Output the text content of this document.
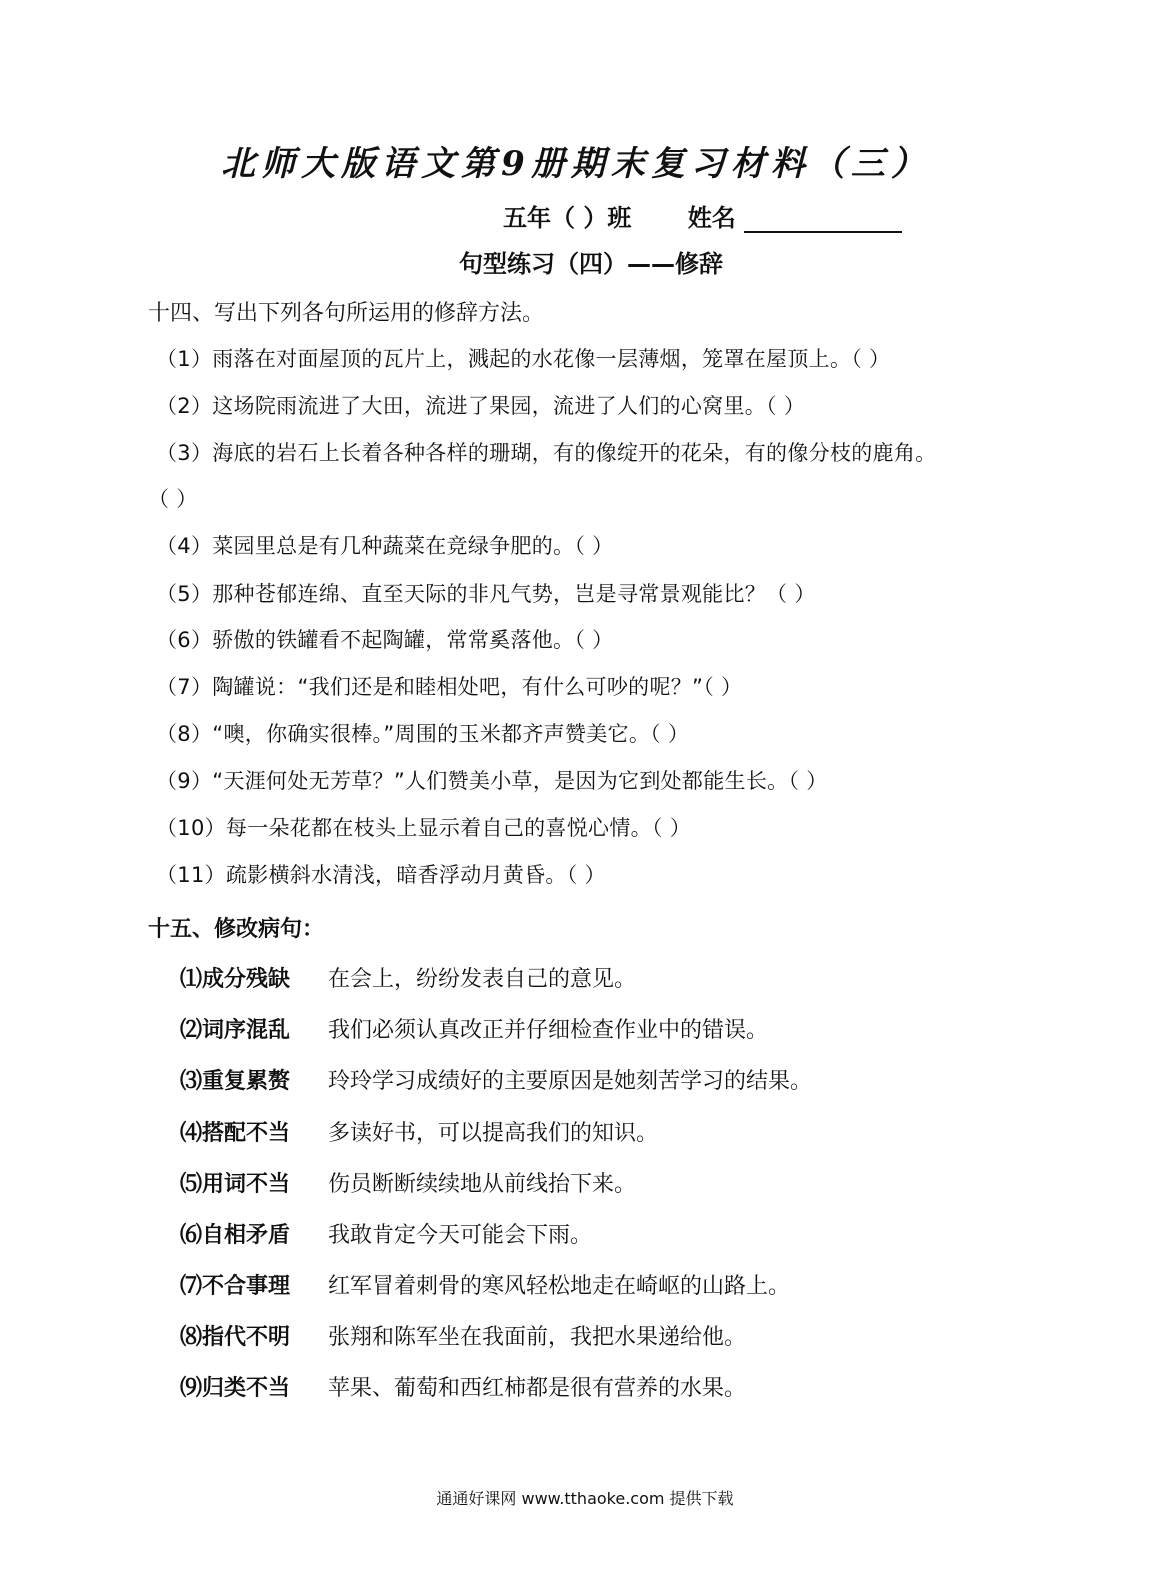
北师大版语文第9册期末复习材料（三）
五年（ ）班 姓名
句型练习（四）——修辞
十四、写出下列各句所运用的修辞方法。
（1）雨落在对面屋顶的瓦片上，溅起的水花像一层薄烟，笼罩在屋顶上。（ ）
（2）这场院雨流进了大田，流进了果园，流进了人们的心窝里。（ ）
（3）海底的岩石上长着各种各样的珊瑚，有的像绽开的花朵，有的像分枝的鹿角。
（ ）
（4）菜园里总是有几种蔬菜在竞绿争肥的。（ ）
（5）那种苍郁连绵、直至天际的非凡气势，岂是寻常景观能比？（ ）
（6）骄傲的铁罐看不起陶罐，常常奚落他。（ ）
（7）陶罐说：“我们还是和睦相处吧，有什么可吵的呢？”（ ）
（8）“噢，你确实很棒。”周围的玉米都齐声赞美它。（ ）
（9）“天涯何处无芳草？”人们赞美小草，是因为它到处都能生长。（ ）
（10）每一朵花都在枝头上显示着自己的喜悦心情。（ ）
（11）疏影横斜水清浅，暗香浮动月黄昏。（ ）
十五、修改病句：
⑴成分残缺 在会上，纷纷发表自己的意见。
⑵词序混乱 我们必须认真改正并仔细检查作业中的错误。
⑶重复累赘 玲玲学习成绩好的主要原因是她刻苦学习的结果。
⑷搭配不当 多读好书，可以提高我们的知识。
⑸用词不当 伤员断断续续地从前线抬下来。
⑹自相矛盾 我敢肯定今天可能会下雨。
⑺不合事理 红军冒着刺骨的寒风轻松地走在崎岖的山路上。
⑻指代不明 张翔和陈军坐在我面前，我把水果递给他。
⑼归类不当 苹果、葡萄和西红柿都是很有营养的水果。
通通好课网 www.tthaoke.com 提供下载
